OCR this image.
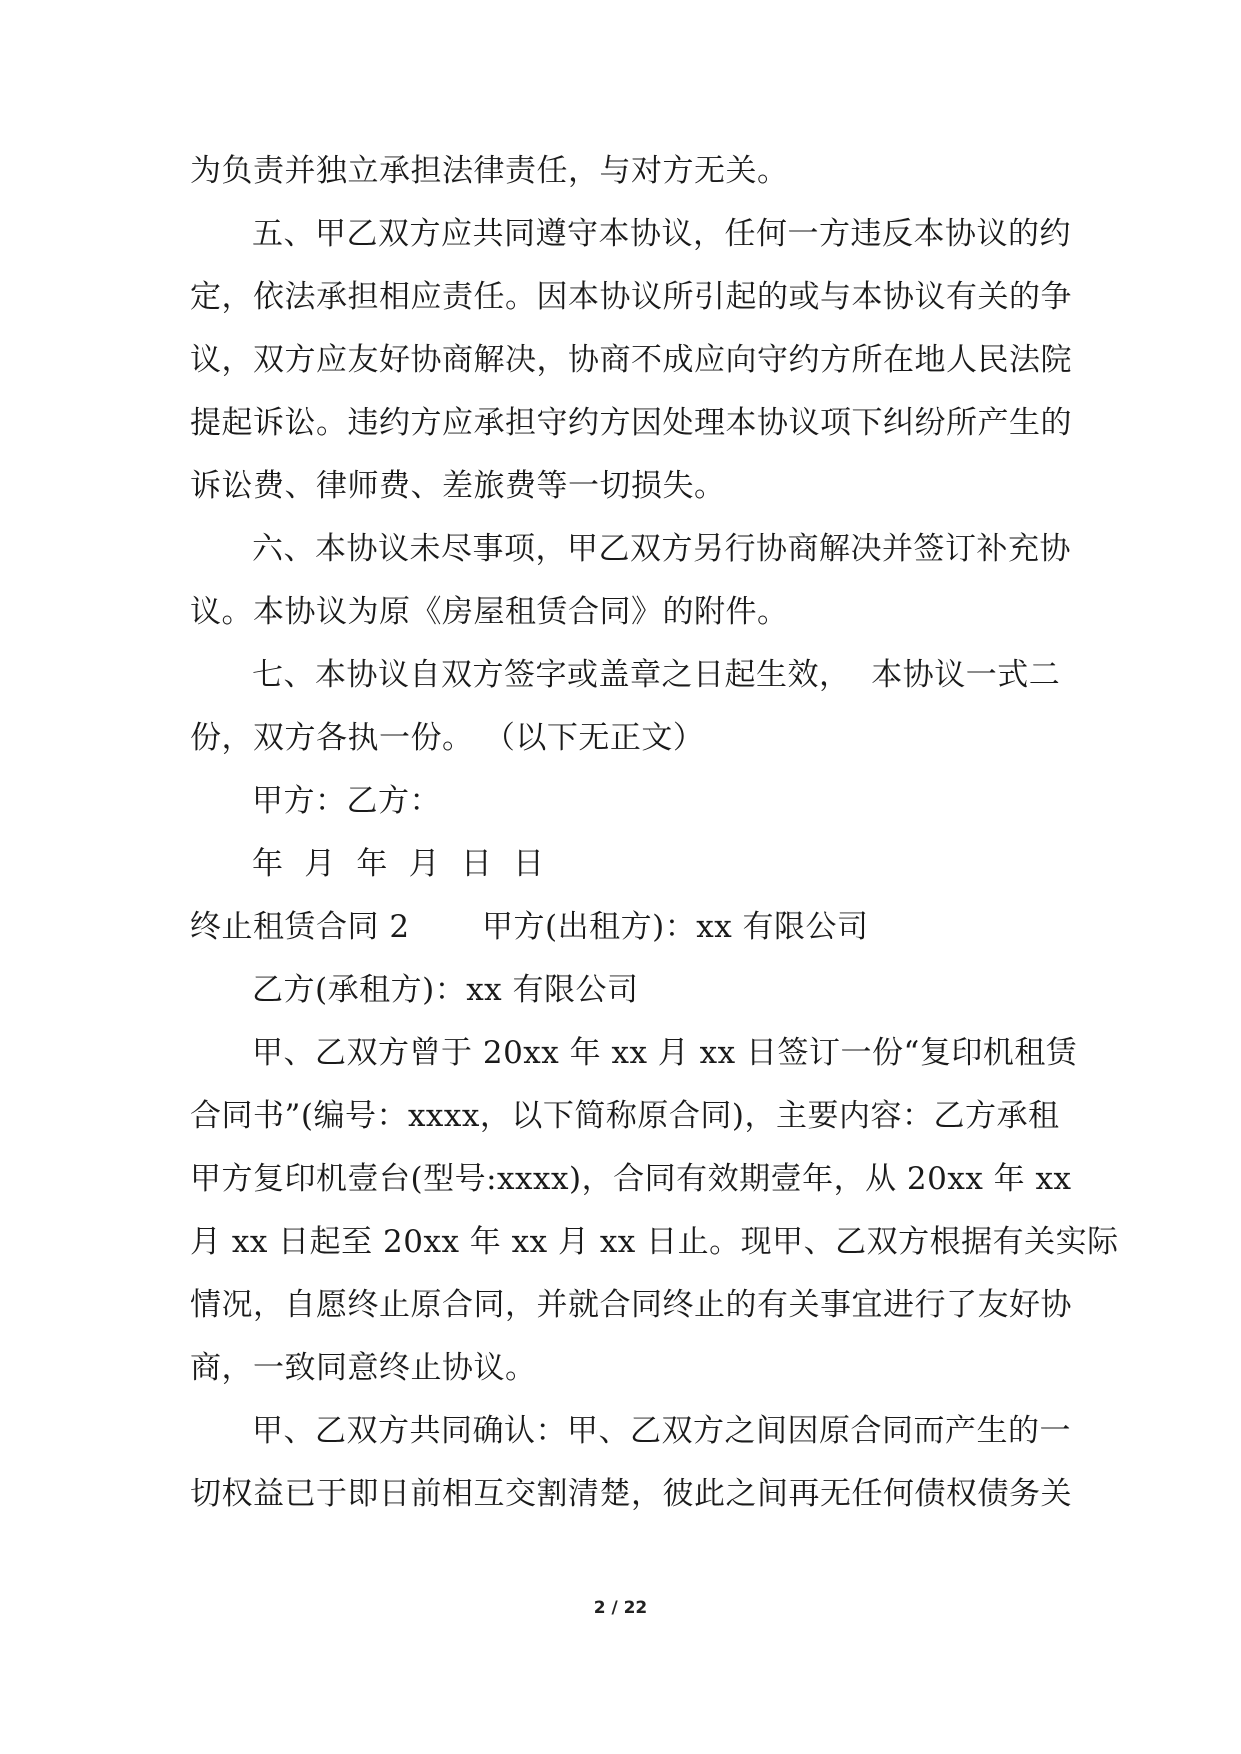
为负责并独立承担法律责任，与对方无关。
五、甲乙双方应共同遵守本协议，任何一方违反本协议的约
定，依法承担相应责任。因本协议所引起的或与本协议有关的争
议，双方应友好协商解决，协商不成应向守约方所在地人民法院
提起诉讼。违约方应承担守约方因处理本协议项下纠纷所产生的
诉讼费、律师费、差旅费等一切损失。
六、本协议未尽事项，甲乙双方另行协商解决并签订补充协
议。本协议为原《房屋租赁合同》的附件。
七、本协议自双方签字或盖章之日起生效，  本协议一式二
份，双方各执一份。 （以下无正文）
甲方：乙方：
年  月  年  月  日  日
终止租赁合同 2       甲方(出租方)：xx 有限公司
乙方(承租方)：xx 有限公司
甲、乙双方曾于 20xx 年 xx 月 xx 日签订一份“复印机租赁
合同书”(编号：xxxx，以下简称原合同)，主要内容：乙方承租
甲方复印机壹台(型号:xxxx)，合同有效期壹年，从 20xx 年 xx
月 xx 日起至 20xx 年 xx 月 xx 日止。现甲、乙双方根据有关实际
情况，自愿终止原合同，并就合同终止的有关事宜进行了友好协
商，一致同意终止协议。
甲、乙双方共同确认：甲、乙双方之间因原合同而产生的一
切权益已于即日前相互交割清楚，彼此之间再无任何债权债务关
2 / 22
